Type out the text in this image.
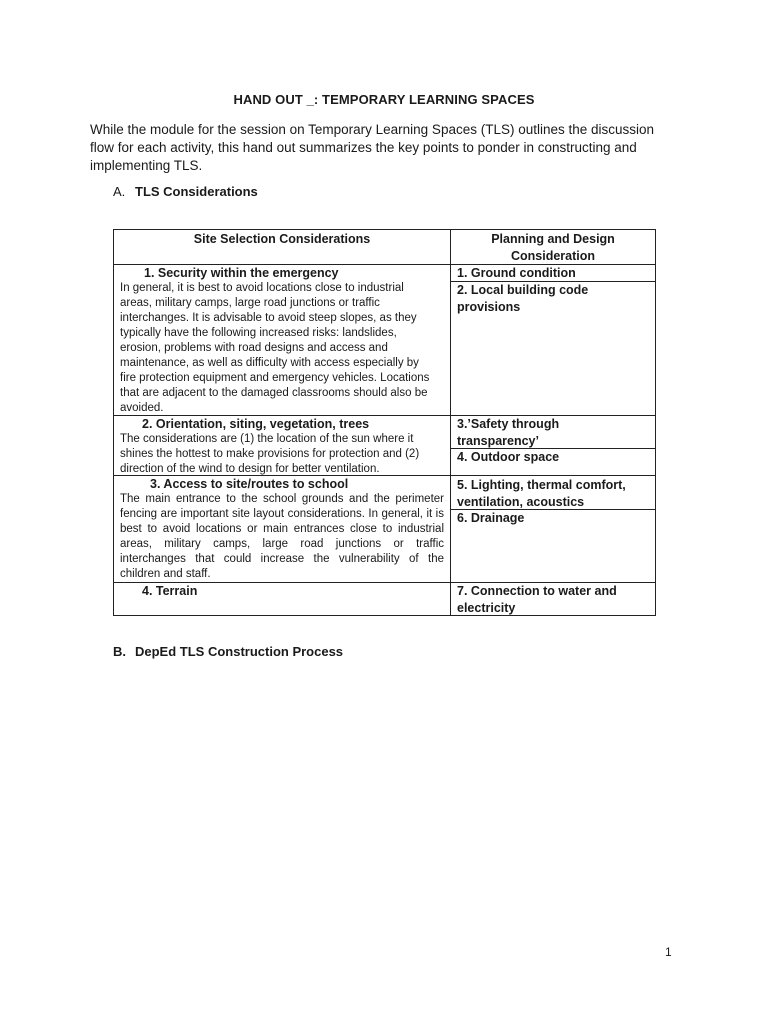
HAND OUT _: TEMPORARY LEARNING SPACES
While the module for the session on Temporary Learning Spaces (TLS) outlines the discussion flow for each activity, this hand out summarizes the key points to ponder in constructing and implementing TLS.
A. TLS Considerations
Site Selection Considerations	Planning and Design Consideration
1. Security within the emergency
In general, it is best to avoid locations close to industrial areas, military camps, large road junctions or traffic interchanges. It is advisable to avoid steep slopes, as they typically have the following increased risks: landslides, erosion, problems with road designs and access and maintenance, as well as difficulty with access especially by fire protection equipment and emergency vehicles. Locations that are adjacent to the damaged classrooms should also be avoided.
2. Orientation, siting, vegetation, trees
The considerations are (1) the location of the sun where it shines the hottest to make provisions for protection and (2) direction of the wind to design for better ventilation.
3. Access to site/routes to school
The main entrance to the school grounds and the perimeter fencing are important site layout considerations. In general, it is best to avoid locations or main entrances close to industrial areas, military camps, large road junctions or traffic interchanges that could increase the vulnerability of the children and staff.
4. Terrain
1. Ground condition
2. Local building code provisions
3.’Safety through transparency’
4. Outdoor space
5. Lighting, thermal comfort, ventilation, acoustics
6. Drainage
7. Connection to water and electricity
B. DepEd TLS Construction Process
1
